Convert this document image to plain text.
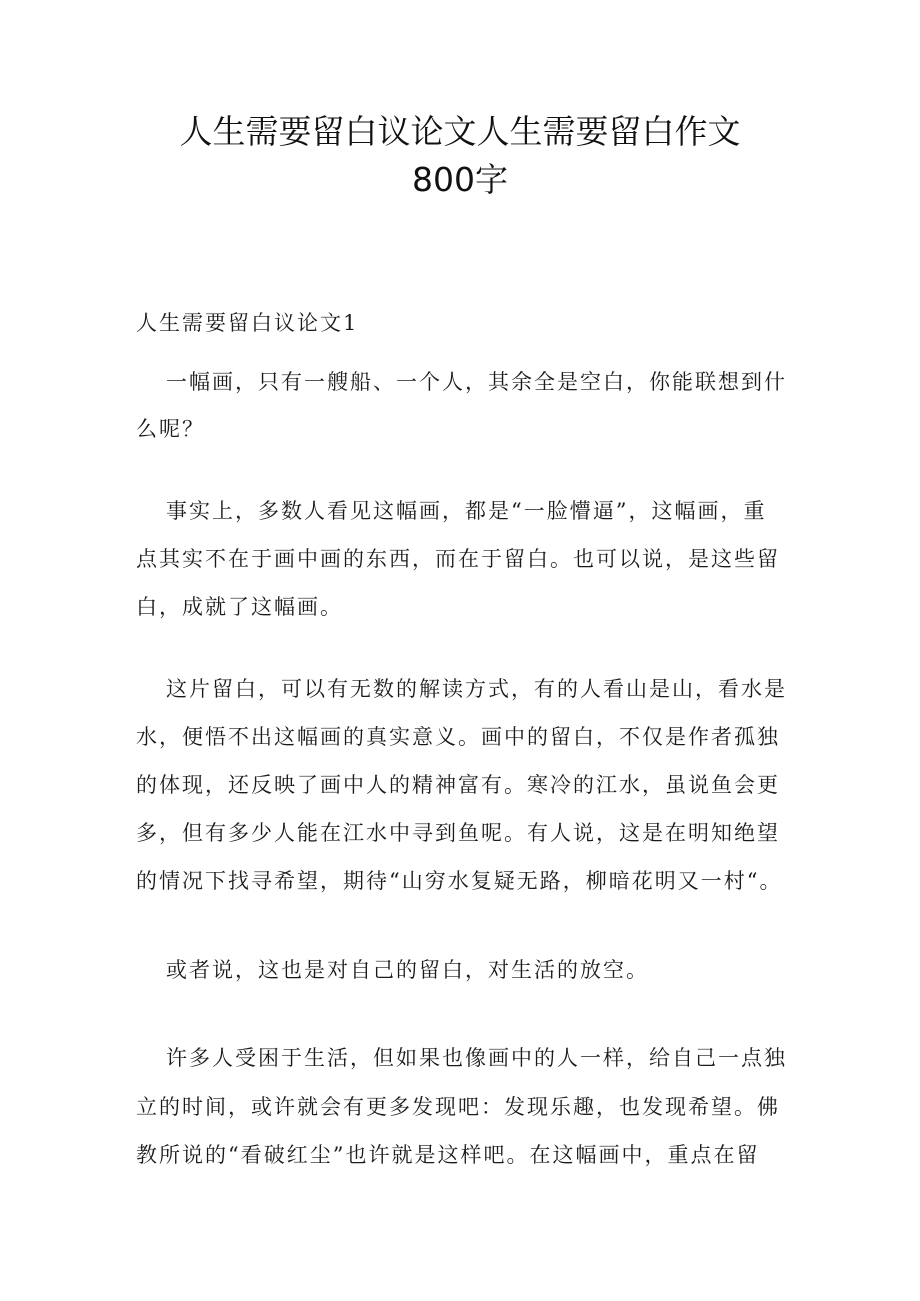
人生需要留白议论文人生需要留白作文
800字
人生需要留白议论文1
一幅画，只有一艘船、一个人，其余全是空白，你能联想到什
么呢？
事实上，多数人看见这幅画，都是“一脸懵逼”，这幅画，重
点其实不在于画中画的东西，而在于留白。也可以说，是这些留
白，成就了这幅画。
这片留白，可以有无数的解读方式，有的人看山是山，看水是
水，便悟不出这幅画的真实意义。画中的留白，不仅是作者孤独
的体现，还反映了画中人的精神富有。寒冷的江水，虽说鱼会更
多，但有多少人能在江水中寻到鱼呢。有人说，这是在明知绝望
的情况下找寻希望，期待“山穷水复疑无路，柳暗花明又一村“。
或者说，这也是对自己的留白，对生活的放空。
许多人受困于生活，但如果也像画中的人一样，给自己一点独
立的时间，或许就会有更多发现吧：发现乐趣，也发现希望。佛
教所说的“看破红尘”也许就是这样吧。在这幅画中，重点在留
